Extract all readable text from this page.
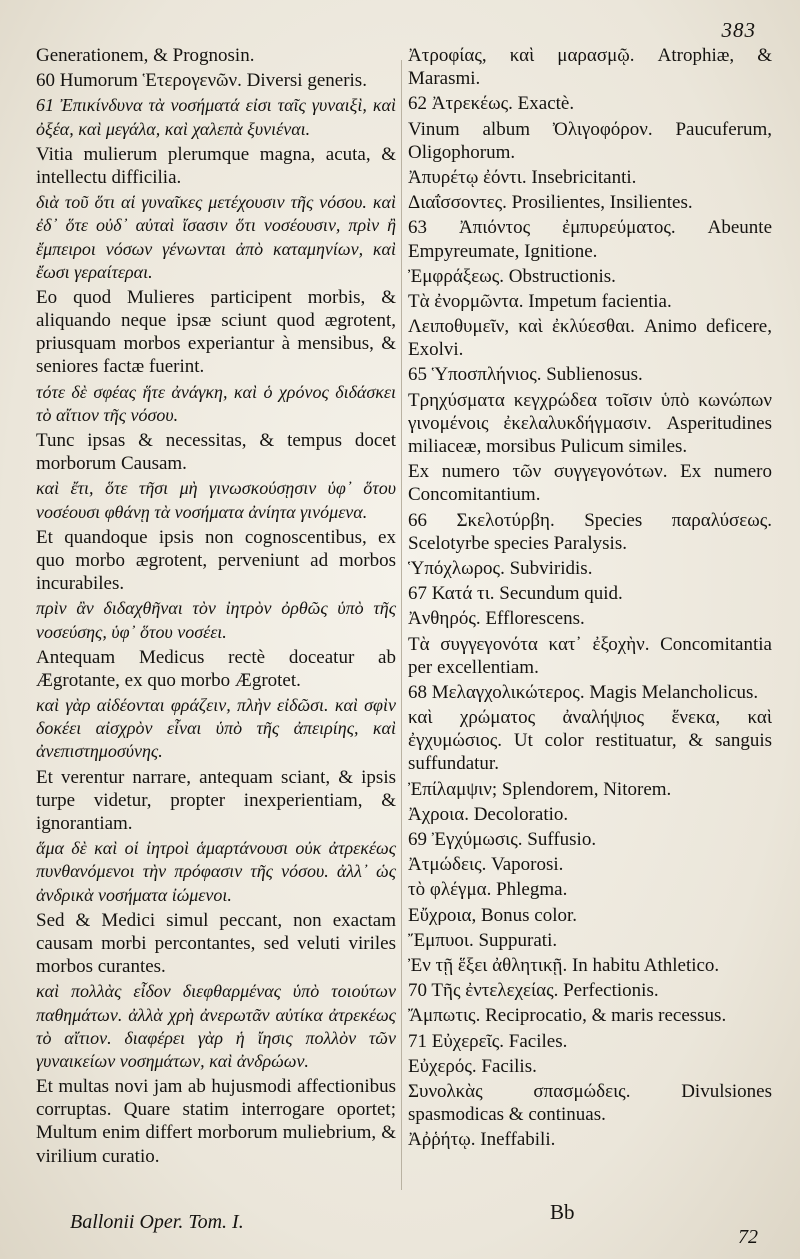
383

Generationem, & Prognosin.

60 Humorum Ἑτερογενῶν. Diversi generis.

61 Ἐπικίνδυνα τὰ νοσήματά εἰσι ταῖς γυναιξὶ, καὶ ὀξέα, καὶ μεγάλα, καὶ χαλεπὰ ξυνιέναι.

Vitia mulierum plerumque magna, acuta, & intellectu difficilia.

διὰ τοῦ ὅτι αἱ γυναῖκες μετέχουσιν τῆς νόσου. καὶ ἐδ᾽ ὅτε οὐδ᾽ αὐταὶ ἴσασιν ὅτι νοσέουσιν, πρὶν ἢ ἔμπειροι νόσων γένωνται ἀπὸ καταμηνίων, καὶ ἔωσι γεραίτεραι.

Eo quod Mulieres participent morbis, & aliquando neque ipsæ sciunt quod ægrotent, priusquam morbos experiantur à mensibus, & seniores factæ fuerint.

τότε δὲ σφέας ἥτε ἀνάγκη, καὶ ὁ χρόνος διδάσκει τὸ αἴτιον τῆς νόσου.

Tunc ipsas & necessitas, & tempus docet morborum Causam.

καὶ ἔτι, ὅτε τῆσι μὴ γινωσκούσῃσιν ὑφ᾽ ὅτου νοσέουσι φθάνῃ τὰ νοσήματα ἀνίητα γινόμενα.

Et quandoque ipsis non cognoscentibus, ex quo morbo ægrotent, perveniunt ad morbos incurabiles.

πρὶν ἂν διδαχθῆναι τὸν ἰητρὸν ὀρθῶς ὑπὸ τῆς νοσεύσης, ὑφ᾽ ὅτου νοσέει.

Antequam Medicus rectè doceatur ab Ægrotante, ex quo morbo Ægrotet.

καὶ γὰρ αἰδέονται φράζειν, πλὴν εἰδῶσι. καὶ σφὶν δοκέει αἰσχρὸν εἶναι ὑπὸ τῆς ἀπειρίης, καὶ ἀνεπιστημοσύνης.

Et verentur narrare, antequam sciant, & ipsis turpe videtur, propter inexperientiam, & ignorantiam.

ἅμα δὲ καὶ οἱ ἰητροὶ ἁμαρτάνουσι οὐκ ἀτρεκέως πυνθανόμενοι τὴν πρόφασιν τῆς νόσου. ἀλλ᾽ ὡς ἀνδρικὰ νοσήματα ἰώμενοι.

Sed & Medici simul peccant, non exactam causam morbi percontantes, sed veluti viriles morbos curantes.

καὶ πολλὰς εἶδον διεφθαρμένας ὑπὸ τοιούτων παθημάτων. ἀλλὰ χρὴ ἀνερωτᾶν αὐτίκα ἀτρεκέως τὸ αἴτιον. διαφέρει γὰρ ἡ ἴησις πολλὸν τῶν γυναικείων νοσημάτων, καὶ ἀνδρώων.

Et multas novi jam ab hujusmodi affectionibus corruptas. Quare statim interrogare oportet; Multum enim differt morborum muliebrium, & virilium curatio.

Ἀτροφίας, καὶ μαρασμῷ. Atrophiæ, & Marasmi.

62 Ἀτρεκέως. Exactè.

Vinum album Ὀλιγοφόρον. Paucuferum, Oligophorum.

Ἀπυρέτῳ ἐόντι. Insebricitanti.

Διαΐσσοντες. Prosilientes, Insilientes.

63 Ἀπιόντος ἐμπυρεύματος. Abeunte Empyreumate, Ignitione.

Ἐμφράξεως. Obstructionis.

Τὰ ἐνορμῶντα. Impetum facientia.

Λειποθυμεῖν, καὶ ἐκλύεσθαι. Animo deficere, Exolvi.

65 Ὑποσπλήνιος. Sublienosus.

Τρηχύσματα κεγχρώδεα τοῖσιν ὑπὸ κωνώπων γινομένοις ἐκελαλυκδήγμασιν. Asperitudines miliaceæ, morsibus Pulicum similes.

Ex numero τῶν συγγεγονότων. Ex numero Concomitantium.

66 Σκελοτύρβη. Species παραλύσεως. Scelotyrbe species Paralysis.

Ὑπόχλωρος. Subviridis.

67 Κατά τι. Secundum quid.

Ἀνθηρός. Efflorescens.

Τὰ συγγεγονότα κατ᾽ ἐξοχὴν. Concomitantia per excellentiam.

68 Μελαγχολικώτερος. Magis Melancholicus.

καὶ χρώματος ἀναλήψιος ἕνεκα, καὶ ἐγχυμώσιος. Ut color restituatur, & sanguis suffundatur.

Ἐπίλαμψιν; Splendorem, Nitorem.

Ἀχροια. Decoloratio.

69 Ἐγχύμωσις. Suffusio.

Ἀτμώδεις. Vaporosi.

τὸ φλέγμα. Phlegma.

Εὔχροια, Bonus color.

Ἔμπυοι. Suppurati.

Ἐν τῇ ἕξει ἀθλητικῇ. In habitu Athletico.

70 Τῆς ἐντελεχείας. Perfectionis.

Ἄμπωτις. Reciprocatio, & maris recessus.

71 Εὐχερεῖς. Faciles.

Εὐχερός. Facilis.

Συνολκὰς σπασμώδεις. Divulsiones spasmodicas & continuas.

Ἀῤῥήτῳ. Ineffabili.

Ballonii Oper. Tom. I.	Bb
72
